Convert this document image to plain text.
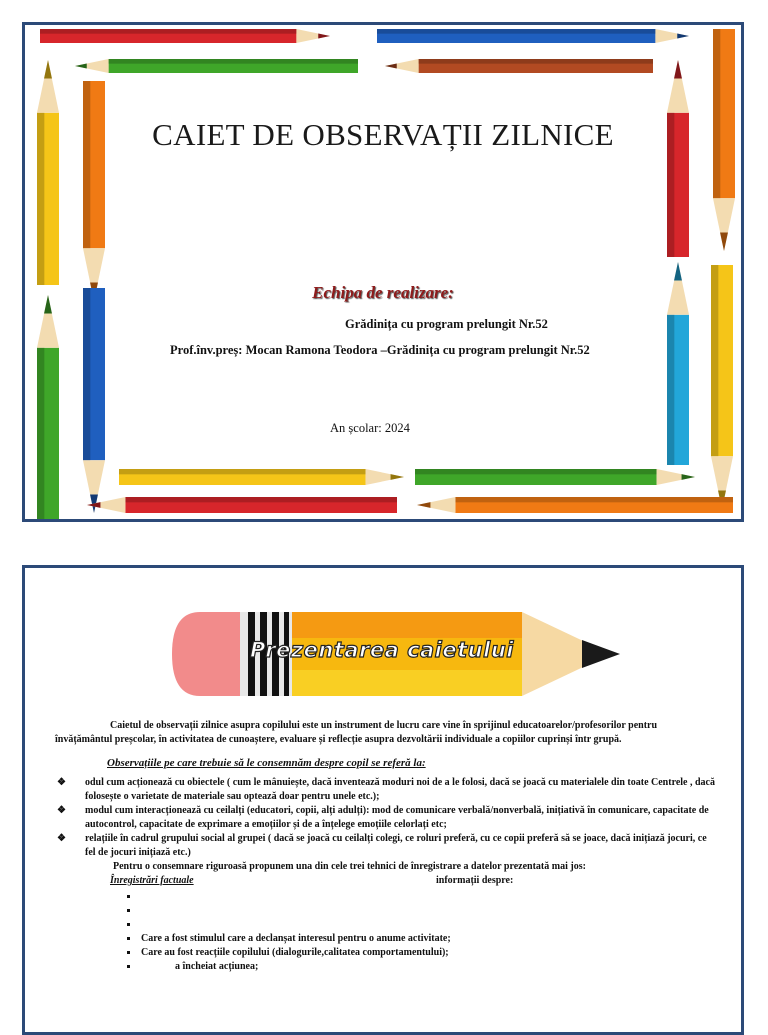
CAIET DE OBSERVAȚII ZILNICE
Echipa de realizare:
Grădinița cu program prelungit Nr.52
Prof.înv.preș: Mocan Ramona Teodora –Grădinița cu program prelungit Nr.52
An școlar: 2024
Prezentarea caietului

Caietul de observații zilnice asupra copilului este un instrument de lucru care vine în sprijinul educatoarelor/profesorilor pentru învățământul preșcolar, în activitatea de cunoaștere, evaluare și reflecție asupra dezvoltării individuale a copiilor cuprinși într grupă.

Observațiile pe care trebuie să le consemnăm despre copil se referă la:

❖ odul cum acționează cu obiectele ( cum le mânuiește, dacă inventează moduri noi de a le folosi, dacă se joacă cu materialele din toate Centrele , dacă folosește o varietate de materiale sau optează doar pentru unele etc.);
❖ modul cum interacționează cu ceilalți (educatori, copii, alți adulți): mod de comunicare verbală/nonverbală, inițiativă în comunicare, capacitate de autocontrol, capacitate de exprimare a emoțiilor și de a înțelege emoțiile celorlați etc;
❖ relațiile în cadrul grupului social al grupei ( dacă se joacă cu ceilalți colegi, ce roluri preferă, cu ce copii preferă să se joace, dacă inițiază jocuri, ce fel de jocuri inițiază etc.)

Pentru o consemnare riguroasă propunem una din cele trei tehnici de înregistrare a datelor prezentată mai jos:

Înregistrări factuale	informații despre:
Care a fost stimulul care a declanșat interesul pentru o anume activitate;
Care au fost reacțiile copilului (dialogurile,calitatea comportamentului);
a încheiat acțiunea;
